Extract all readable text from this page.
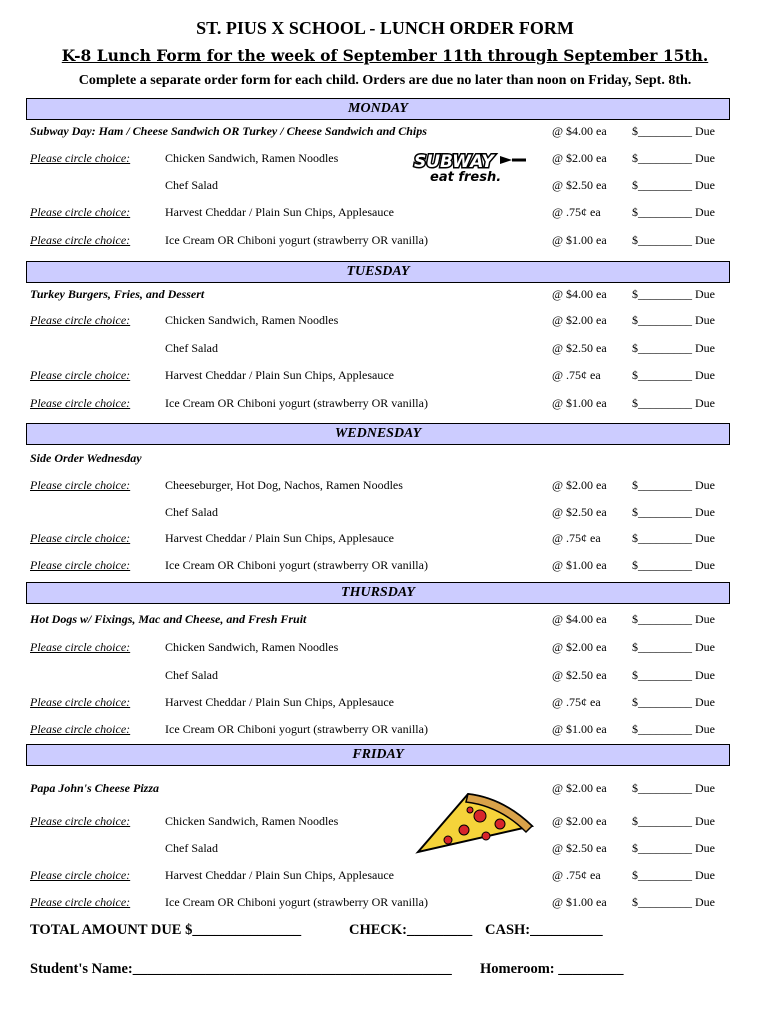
ST. PIUS X SCHOOL - LUNCH ORDER FORM
K-8 Lunch Form for the week of September 11th through September 15th.
Complete a separate order form for each child. Orders are due no later than noon on Friday, Sept. 8th.
MONDAY
Subway Day: Ham / Cheese Sandwich OR Turkey / Cheese Sandwich and Chips	@ $4.00 ea $_________ Due
Please circle choice:	Chicken Sandwich, Ramen Noodles	@ $2.00 ea $_________ Due
Chef Salad	@ $2.50 ea $_________ Due
Please circle choice:	Harvest Cheddar / Plain Sun Chips, Applesauce	@ .75¢ ea	$_________ Due
Please circle choice:	Ice Cream OR Chiboni yogurt (strawberry OR vanilla)	@ $1.00 ea $_________ Due
SUBWAY
eat fresh.
TUESDAY
Turkey Burgers, Fries, and Dessert	@ $4.00 ea $_________ Due
Please circle choice:	Chicken Sandwich, Ramen Noodles	@ $2.00 ea $_________ Due
Chef Salad	@ $2.50 ea $_________ Due
Please circle choice:	Harvest Cheddar / Plain Sun Chips, Applesauce	@ .75¢ ea	$_________ Due
Please circle choice:	Ice Cream OR Chiboni yogurt (strawberry OR vanilla)	@ $1.00 ea $_________ Due
WEDNESDAY
Side Order Wednesday
Please circle choice:	Cheeseburger, Hot Dog, Nachos, Ramen Noodles	@ $2.00 ea $_________ Due
Chef Salad	@ $2.50 ea $_________ Due
Please circle choice:	Harvest Cheddar / Plain Sun Chips, Applesauce	@ .75¢ ea	$_________ Due
Please circle choice:	Ice Cream OR Chiboni yogurt (strawberry OR vanilla)	@ $1.00 ea $_________ Due
THURSDAY
Hot Dogs w/ Fixings, Mac and Cheese, and Fresh Fruit	@ $4.00 ea $_________ Due
Please circle choice:	Chicken Sandwich, Ramen Noodles	@ $2.00 ea $_________ Due
Chef Salad	@ $2.50 ea $_________ Due
Please circle choice:	Harvest Cheddar / Plain Sun Chips, Applesauce	@ .75¢ ea	$_________ Due
Please circle choice:	Ice Cream OR Chiboni yogurt (strawberry OR vanilla)	@ $1.00 ea $_________ Due
FRIDAY
Papa John's Cheese Pizza	@ $2.00 ea $_________ Due
Please circle choice:	Chicken Sandwich, Ramen Noodles	@ $2.00 ea $_________ Due
Chef Salad	@ $2.50 ea $_________ Due
Please circle choice:	Harvest Cheddar / Plain Sun Chips, Applesauce	@ .75¢ ea	$_________ Due
Please circle choice:	Ice Cream OR Chiboni yogurt (strawberry OR vanilla)	@ $1.00 ea $_________ Due
TOTAL AMOUNT DUE $_______________	CHECK:_________ CASH:__________
Student's Name:____________________________________________ Homeroom: _________
